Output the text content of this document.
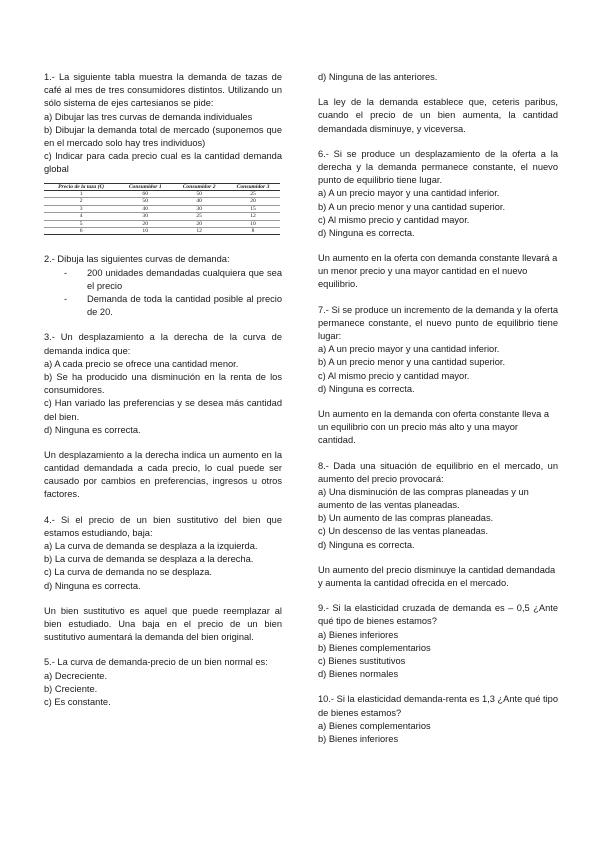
1.- La siguiente tabla muestra la demanda de tazas de café al mes de tres consumidores distintos. Utilizando un sólo sistema de ejes cartesianos se pide:

a) Dibujar las tres curvas de demanda individuales

b) Dibujar la demanda total de mercado (suponemos que en el mercado solo hay tres individuos)

c) Indicar para cada precio cual es la cantidad demanda global

Precio de la taza (€)	Consumidor 1	Consumidor 2	Consumidor 3
1	60	50	25
2	50	40	20
3	40	30	15
4	30	25	12
5	20	20	10
6	10	12	8

2.- Dibuja las siguientes curvas de demanda:

- 200 unidades demandadas cualquiera que sea el precio
- Demanda de toda la cantidad posible al precio de 20.

3.- Un desplazamiento a la derecha de la curva de demanda indica que:

a) A cada precio se ofrece una cantidad menor.

b) Se ha producido una disminución en la renta de los consumidores.

c) Han variado las preferencias y se desea más cantidad del bien.

d) Ninguna es correcta.

Un desplazamiento a la derecha indica un aumento en la cantidad demandada a cada precio, lo cual puede ser causado por cambios en preferencias, ingresos u otros factores.

4.- Si el precio de un bien sustitutivo del bien que estamos estudiando, baja:

a) La curva de demanda se desplaza a la izquierda.

b) La curva de demanda se desplaza a la derecha.

c) La curva de demanda no se desplaza.

d) Ninguna es correcta.

Un bien sustitutivo es aquel que puede reemplazar al bien estudiado. Una baja en el precio de un bien sustitutivo aumentará la demanda del bien original.

5.- La curva de demanda-precio de un bien normal es:

a) Decreciente.

b) Creciente.

c) Es constante.

d) Ninguna de las anteriores.

La ley de la demanda establece que, ceteris paribus, cuando el precio de un bien aumenta, la cantidad demandada disminuye, y viceversa.

6.- Si se produce un desplazamiento de la oferta a la derecha y la demanda permanece constante, el nuevo punto de equilibrio tiene lugar.

a) A un precio mayor y una cantidad inferior.

b) A un precio menor y una cantidad superior.

c) Al mismo precio y cantidad mayor.

d) Ninguna es correcta.

Un aumento en la oferta con demanda constante llevará a un menor precio y una mayor cantidad en el nuevo equilibrio.

7.- Si se produce un incremento de la demanda y la oferta permanece constante, el nuevo punto de equilibrio tiene lugar:

a) A un precio mayor y una cantidad inferior.

b) A un precio menor y una cantidad superior.

c) Al mismo precio y cantidad mayor.

d) Ninguna es correcta.

Un aumento en la demanda con oferta constante lleva a un equilibrio con un precio más alto y una mayor cantidad.

8.- Dada una situación de equilibrio en el mercado, un aumento del precio provocará:

a) Una disminución de las compras planeadas y un aumento de las ventas planeadas.

b) Un aumento de las compras planeadas.

c) Un descenso de las ventas planeadas.

d) Ninguna es correcta.

Un aumento del precio disminuye la cantidad demandada y aumenta la cantidad ofrecida en el mercado.

9.- Si la elasticidad cruzada de demanda es – 0,5 ¿Ante qué tipo de bienes estamos?

a) Bienes inferiores

b) Bienes complementarios

c) Bienes sustitutivos

d) Bienes normales

10.- Si la elasticidad demanda-renta es 1,3 ¿Ante qué tipo de bienes estamos?

a) Bienes complementarios

b) Bienes inferiores
